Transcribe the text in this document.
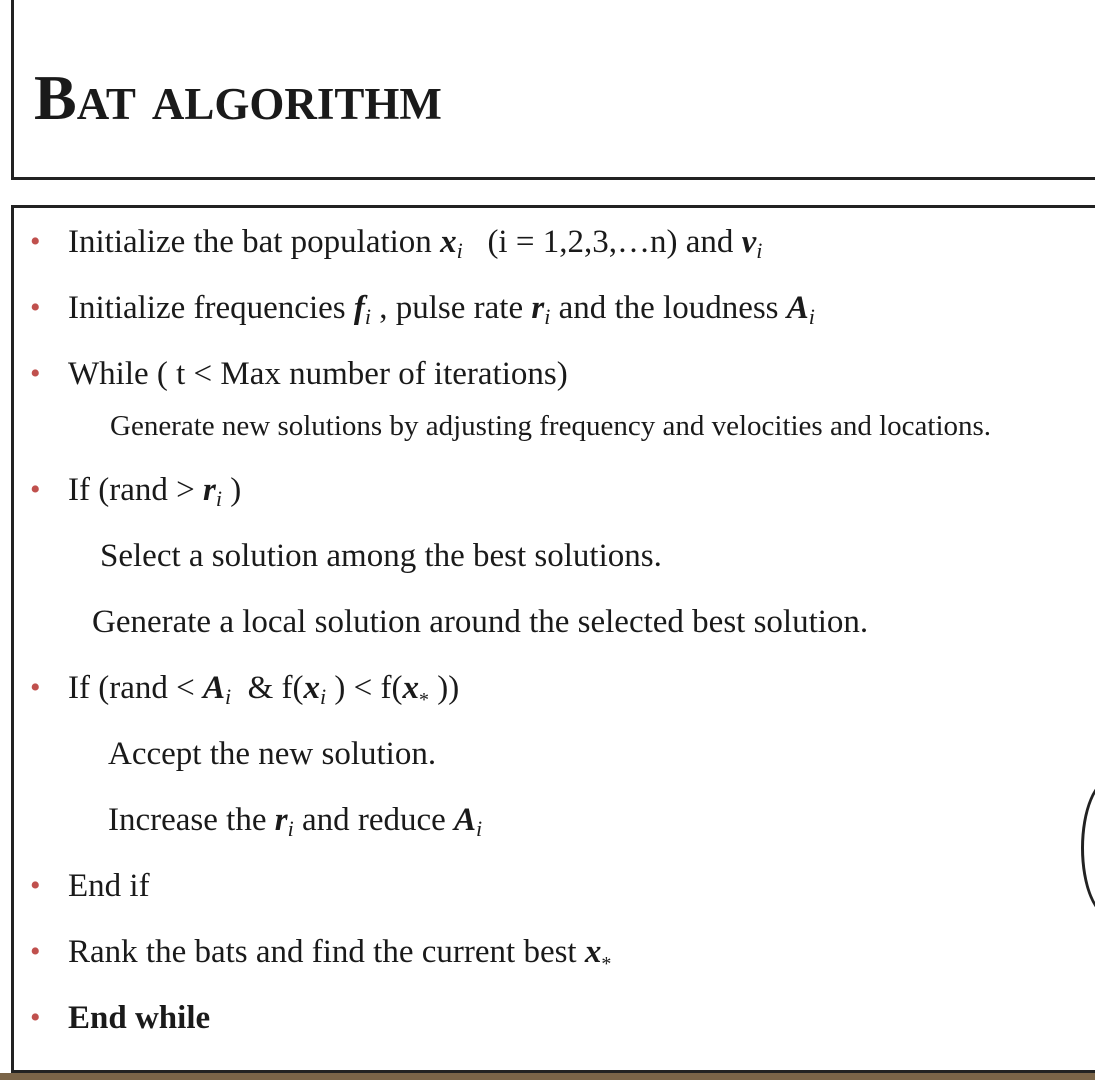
Bat algorithm
• Initialize the bat population xi   (i = 1,2,3,…n) and vi
• Initialize frequencies fi , pulse rate ri and the loudness Ai
• While ( t < Max number of iterations)
Generate new solutions by adjusting frequency and velocities and locations.
• If (rand > ri )
Select a solution among the best solutions.
Generate a local solution around the selected best solution.
• If (rand < Ai  & f(xi ) < $f(x_*$ ))
Accept the new solution.
Increase the ri and reduce Ai
• End if
• Rank the bats and find the current best $x_*$
• End while
